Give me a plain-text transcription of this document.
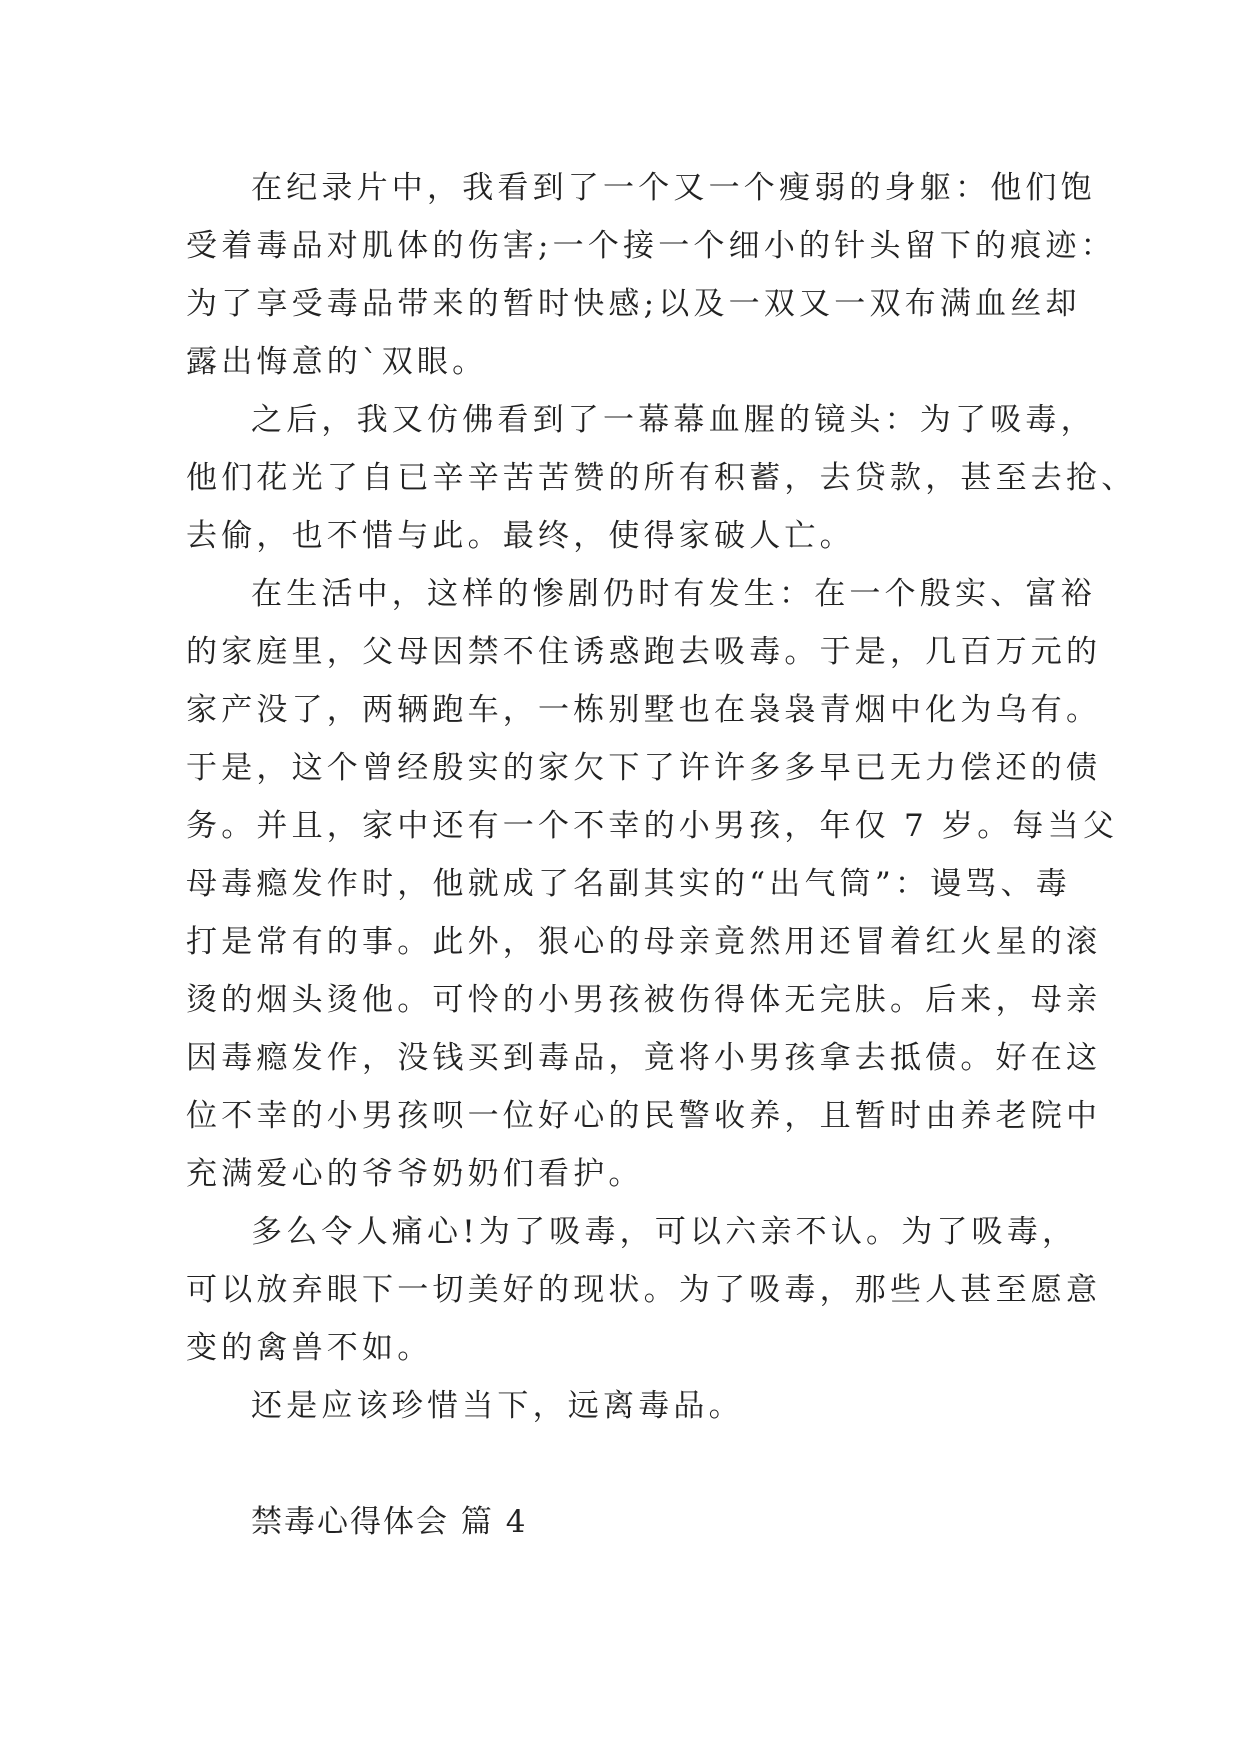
在纪录片中，我看到了一个又一个瘦弱的身躯：他们饱

受着毒品对肌体的伤害;一个接一个细小的针头留下的痕迹：

为了享受毒品带来的暂时快感;以及一双又一双布满血丝却

露出悔意的`双眼。

之后，我又仿佛看到了一幕幕血腥的镜头：为了吸毒，

他们花光了自已辛辛苦苦赞的所有积蓄，去贷款，甚至去抢、

去偷，也不惜与此。最终，使得家破人亡。

在生活中，这样的惨剧仍时有发生：在一个殷实、富裕

的家庭里，父母因禁不住诱惑跑去吸毒。于是，几百万元的

家产没了，两辆跑车，一栋别墅也在袅袅青烟中化为乌有。

于是，这个曾经殷实的家欠下了许许多多早已无力偿还的债

务。并且，家中还有一个不幸的小男孩，年仅 7 岁。每当父

母毒瘾发作时，他就成了名副其实的“出气筒”：谩骂、毒

打是常有的事。此外，狠心的母亲竟然用还冒着红火星的滚

烫的烟头烫他。可怜的小男孩被伤得体无完肤。后来，母亲

因毒瘾发作，没钱买到毒品，竟将小男孩拿去抵债。好在这

位不幸的小男孩呗一位好心的民警收养，且暂时由养老院中

充满爱心的爷爷奶奶们看护。

多么令人痛心!为了吸毒，可以六亲不认。为了吸毒，

可以放弃眼下一切美好的现状。为了吸毒，那些人甚至愿意

变的禽兽不如。

还是应该珍惜当下，远离毒品。

禁毒心得体会 篇 4
